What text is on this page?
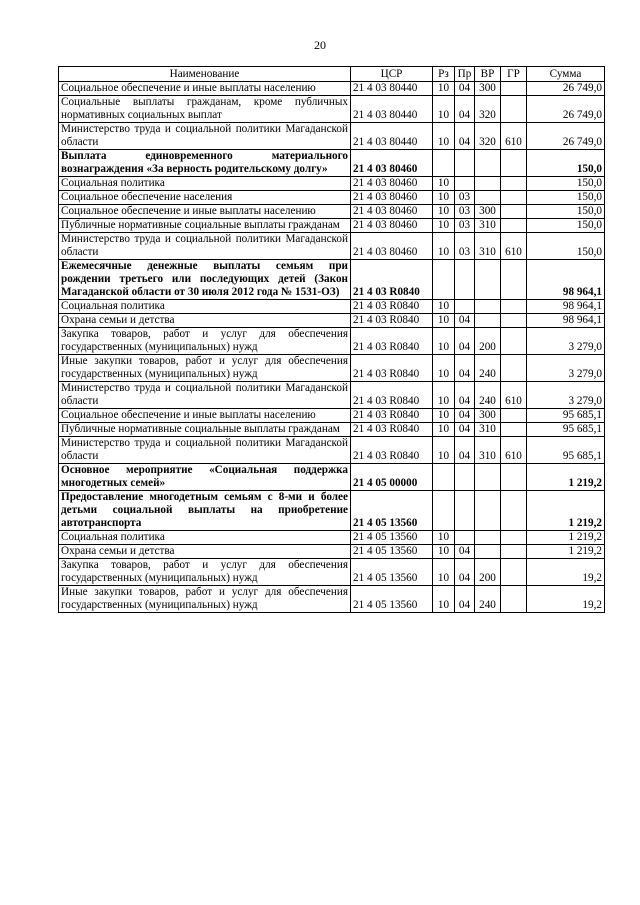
20
Наименование	ЦСР	Рз	Пр	ВР	ГР	Сумма
Социальное обеспечение и иные выплаты населению	21 4 03 80440	10	04	300		26 749,0
Социальные выплаты гражданам, кроме публичных нормативных социальных выплат	21 4 03 80440	10	04	320		26 749,0
Министерство труда и социальной политики Магаданской области	21 4 03 80440	10	04	320	610	26 749,0
Выплата единовременного материального вознаграждения «За верность родительскому долгу»	21 4 03 80460					150,0
Социальная политика	21 4 03 80460	10				150,0
Социальное обеспечение населения	21 4 03 80460	10	03			150,0
Социальное обеспечение и иные выплаты населению	21 4 03 80460	10	03	300		150,0
Публичные нормативные социальные выплаты гражданам	21 4 03 80460	10	03	310		150,0
Министерство труда и социальной политики Магаданской области	21 4 03 80460	10	03	310	610	150,0
Ежемесячные денежные выплаты семьям при рождении третьего или последующих детей (Закон Магаданской области от 30 июля 2012 года № 1531-ОЗ)	21 4 03 R0840					98 964,1
Социальная политика	21 4 03 R0840	10				98 964,1
Охрана семьи и детства	21 4 03 R0840	10	04			98 964,1
Закупка товаров, работ и услуг для обеспечения государственных (муниципальных) нужд	21 4 03 R0840	10	04	200		3 279,0
Иные закупки товаров, работ и услуг для обеспечения государственных (муниципальных) нужд	21 4 03 R0840	10	04	240		3 279,0
Министерство труда и социальной политики Магаданской области	21 4 03 R0840	10	04	240	610	3 279,0
Социальное обеспечение и иные выплаты населению	21 4 03 R0840	10	04	300		95 685,1
Публичные нормативные социальные выплаты гражданам	21 4 03 R0840	10	04	310		95 685,1
Министерство труда и социальной политики Магаданской области	21 4 03 R0840	10	04	310	610	95 685,1
Основное мероприятие «Социальная поддержка многодетных семей»	21 4 05 00000					1 219,2
Предоставление многодетным семьям с 8-ми и более детьми социальной выплаты на приобретение автотранспорта	21 4 05 13560					1 219,2
Социальная политика	21 4 05 13560	10				1 219,2
Охрана семьи и детства	21 4 05 13560	10	04			1 219,2
Закупка товаров, работ и услуг для обеспечения государственных (муниципальных) нужд	21 4 05 13560	10	04	200		19,2
Иные закупки товаров, работ и услуг для обеспечения государственных (муниципальных) нужд	21 4 05 13560	10	04	240		19,2
